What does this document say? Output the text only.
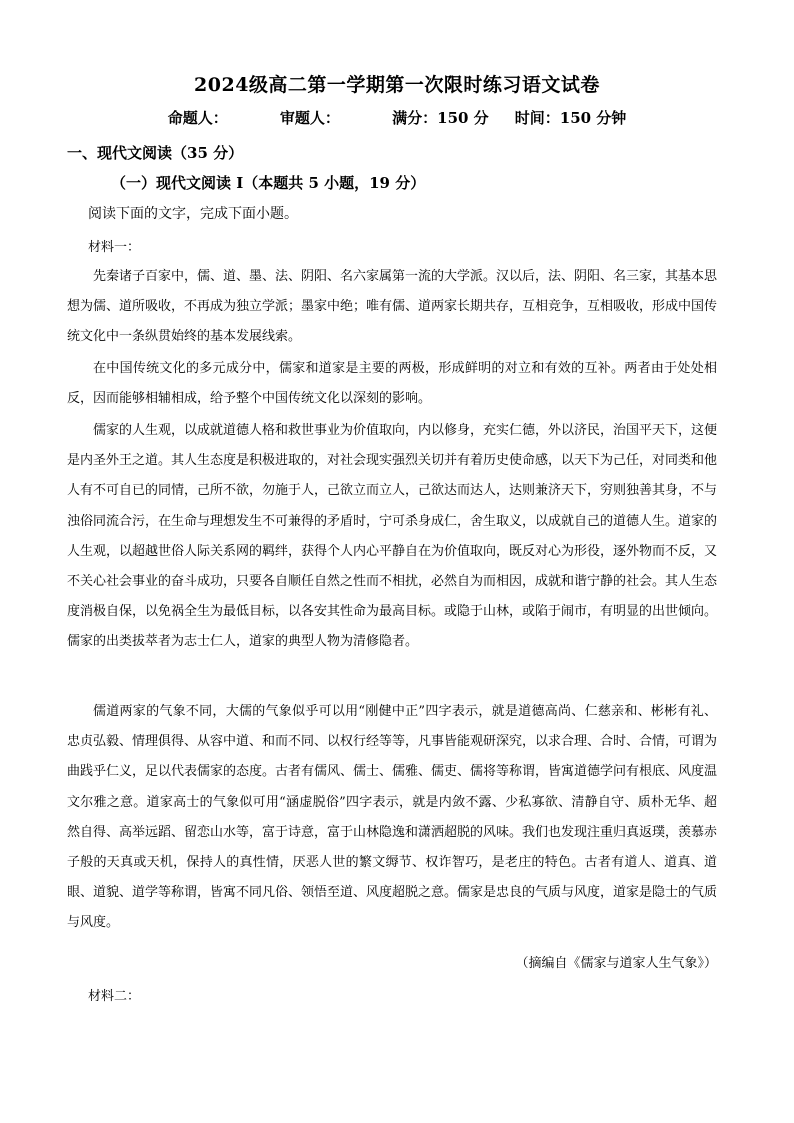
2024级高二第一学期第一次限时练习语文试卷
命题人：          审题人：          满分：150 分     时间：150 分钟
一、现代文阅读（35 分）
（一）现代文阅读 I（本题共 5 小题，19 分）
阅读下面的文字，完成下面小题。
材料一：
先秦诸子百家中，儒、道、墨、法、阴阳、名六家属第一流的大学派。汉以后，法、阴阳、名三家，其基本思想为儒、道所吸收，不再成为独立学派；墨家中绝；唯有儒、道两家长期共存，互相竞争，互相吸收，形成中国传统文化中一条纵贯始终的基本发展线索。
在中国传统文化的多元成分中，儒家和道家是主要的两极，形成鲜明的对立和有效的互补。两者由于处处相反，因而能够相辅相成，给予整个中国传统文化以深刻的影响。
儒家的人生观，以成就道德人格和救世事业为价值取向，内以修身，充实仁德，外以济民，治国平天下，这便是内圣外王之道。其人生态度是积极进取的，对社会现实强烈关切并有着历史使命感，以天下为己任，对同类和他人有不可自已的同情，己所不欲，勿施于人，己欲立而立人，己欲达而达人，达则兼济天下，穷则独善其身，不与浊俗同流合污，在生命与理想发生不可兼得的矛盾时，宁可杀身成仁，舍生取义，以成就自己的道德人生。道家的人生观，以超越世俗人际关系网的羁绊，获得个人内心平静自在为价值取向，既反对心为形役，逐外物而不反，又不关心社会事业的奋斗成功，只要各自顺任自然之性而不相扰，必然自为而相因，成就和谐宁静的社会。其人生态度消极自保，以免祸全生为最低目标，以各安其性命为最高目标。或隐于山林，或陷于闹市，有明显的出世倾向。儒家的出类拔萃者为志士仁人，道家的典型人物为清修隐者。
儒道两家的气象不同，大儒的气象似乎可以用“刚健中正”四字表示，就是道德高尚、仁慈亲和、彬彬有礼、忠贞弘毅、情理俱得、从容中道、和而不同、以权行经等等，凡事皆能观研深究，以求合理、合时、合情，可谓为曲践乎仁义，足以代表儒家的态度。古者有儒风、儒士、儒雅、儒吏、儒将等称谓，皆寓道德学问有根底、风度温文尔雅之意。道家高士的气象似可用“涵虚脱俗”四字表示，就是内敛不露、少私寡欲、清静自守、质朴无华、超然自得、高举远蹈、留恋山水等，富于诗意，富于山林隐逸和潇洒超脱的风味。我们也发现注重归真返璞，羡慕赤子般的天真或天机，保持人的真性情，厌恶人世的繁文缛节、权诈智巧，是老庄的特色。古者有道人、道真、道眼、道貌、道学等称谓，皆寓不同凡俗、领悟至道、风度超脱之意。儒家是忠良的气质与风度，道家是隐士的气质与风度。
（摘编自《儒家与道家人生气象》）
材料二：
